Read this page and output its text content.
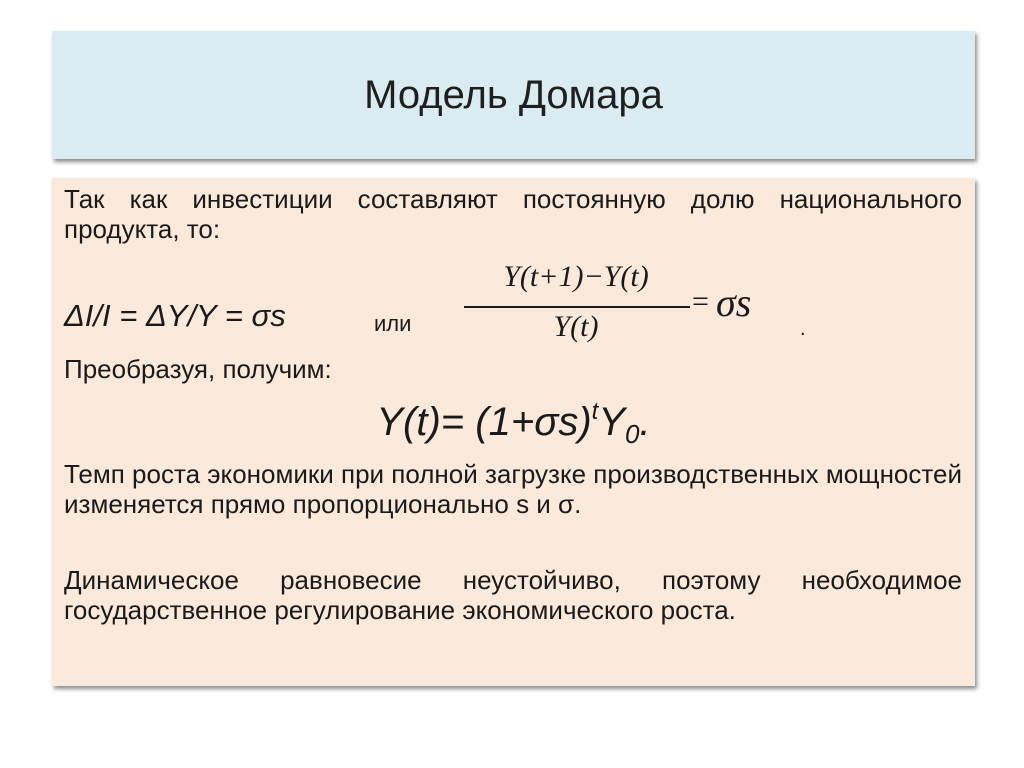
Модель Домара
Так как инвестиции составляют постоянную долю национального продукта, то:
ΔI/I = ΔY/Y = σs	или
Y(t+1)−Y(t)
Y(t)
= σs
.
Преобразуя, получим:
$Y(t)= (1+\sigma s)^tY_0$.
Темп роста экономики при полной загрузке производственных мощностей изменяется прямо пропорционально s и σ.
Динамическое равновесие неустойчиво, поэтому необходимое государственное регулирование экономического роста.
